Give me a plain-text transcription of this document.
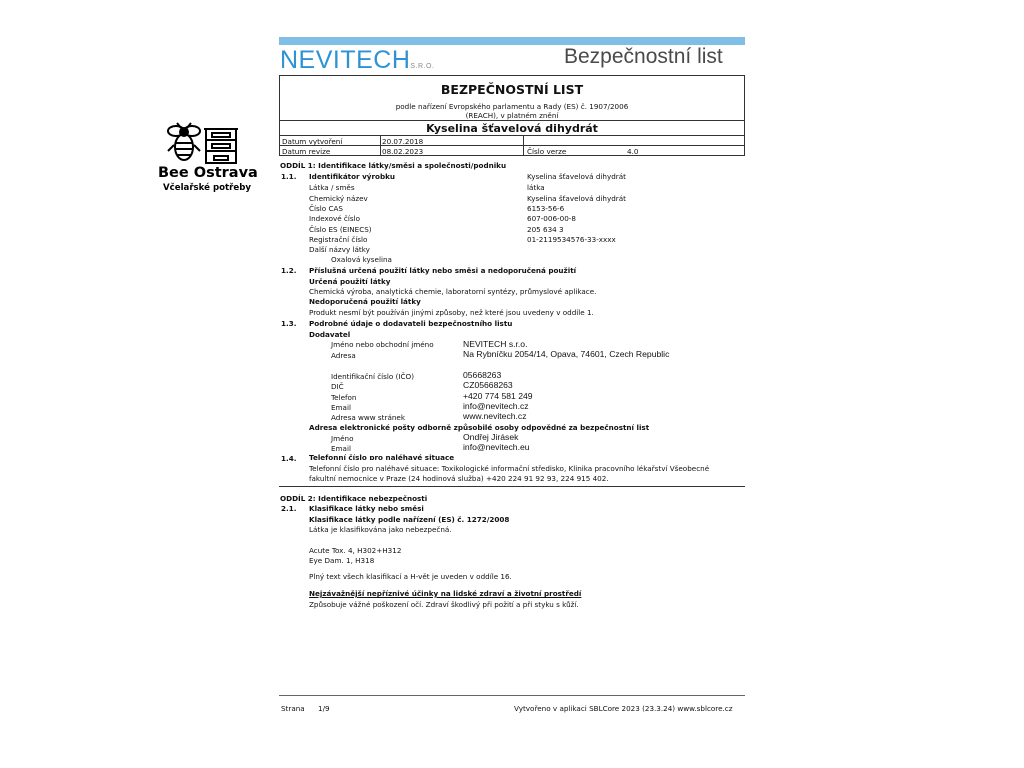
NEVITECHS.R.O.	Bezpečnostní list
Bee Ostrava
Včelařské potřeby
BEZPEČNOSTNÍ LIST
podle nařízení Evropského parlamentu a Rady (ES) č. 1907/2006
(REACH), v platném znění
Kyselina šťavelová dihydrát
Datum vytvoření	20.07.2018
Datum revize	08.02.2023	Číslo verze	4.0
ODDÍL 1: Identifikace látky/směsi a společnosti/podniku
1.1. Identifikátor výrobku	Kyselina šťavelová dihydrát
Látka / směs	látka
Chemický název	Kyselina šťavelová dihydrát
Číslo CAS	6153-56-6
Indexové číslo	607-006-00-8
Číslo ES (EINECS)	205 634 3
Registrační číslo	01-2119534576-33-xxxx
Další názvy látky
Oxalová kyselina
1.2. Příslušná určená použití látky nebo směsi a nedoporučená použití
Určená použití látky
Chemická výroba, analytická chemie, laboratorní syntézy, průmyslové aplikace.
Nedoporučená použití látky
Produkt nesmí být používán jinými způsoby, než které jsou uvedeny v oddíle 1.
1.3. Podrobné údaje o dodavateli bezpečnostního listu
Dodavatel
Jméno nebo obchodní jméno	NEVITECH s.r.o.
Adresa	Na Rybníčku 2054/14, Opava, 74601, Czech Republic
Identifikační číslo (IČO)	05668263
DIČ	CZ05668263
Telefon	+420 774 581 249
Email	info@nevitech.cz
Adresa www stránek	www.nevitech.cz
Adresa elektronické pošty odborně způsobilé osoby odpovědné za bezpečnostní list
Jméno	Ondřej Jirásek
Email	info@nevitech.eu
1.4. Telefonní číslo pro naléhavé situace
Telefonní číslo pro naléhavé situace: Toxikologické informační středisko, Klinika pracovního lékařství Všeobecné
fakultní nemocnice v Praze (24 hodinová služba) +420 224 91 92 93, 224 915 402.
ODDÍL 2: Identifikace nebezpečnosti
2.1. Klasifikace látky nebo směsi
Klasifikace látky podle nařízení (ES) č. 1272/2008
Látka je klasifikována jako nebezpečná.
Acute Tox. 4, H302+H312
Eye Dam. 1, H318
Plný text všech klasifikací a H-vět je uveden v oddíle 16.
Nejzávažnější nepříznivé účinky na lidské zdraví a životní prostředí
Způsobuje vážné poškození očí. Zdraví škodlivý při požití a při styku s kůží.
Strana 1/9	Vytvořeno v aplikaci SBLCore 2023 (23.3.24) www.sblcore.cz
